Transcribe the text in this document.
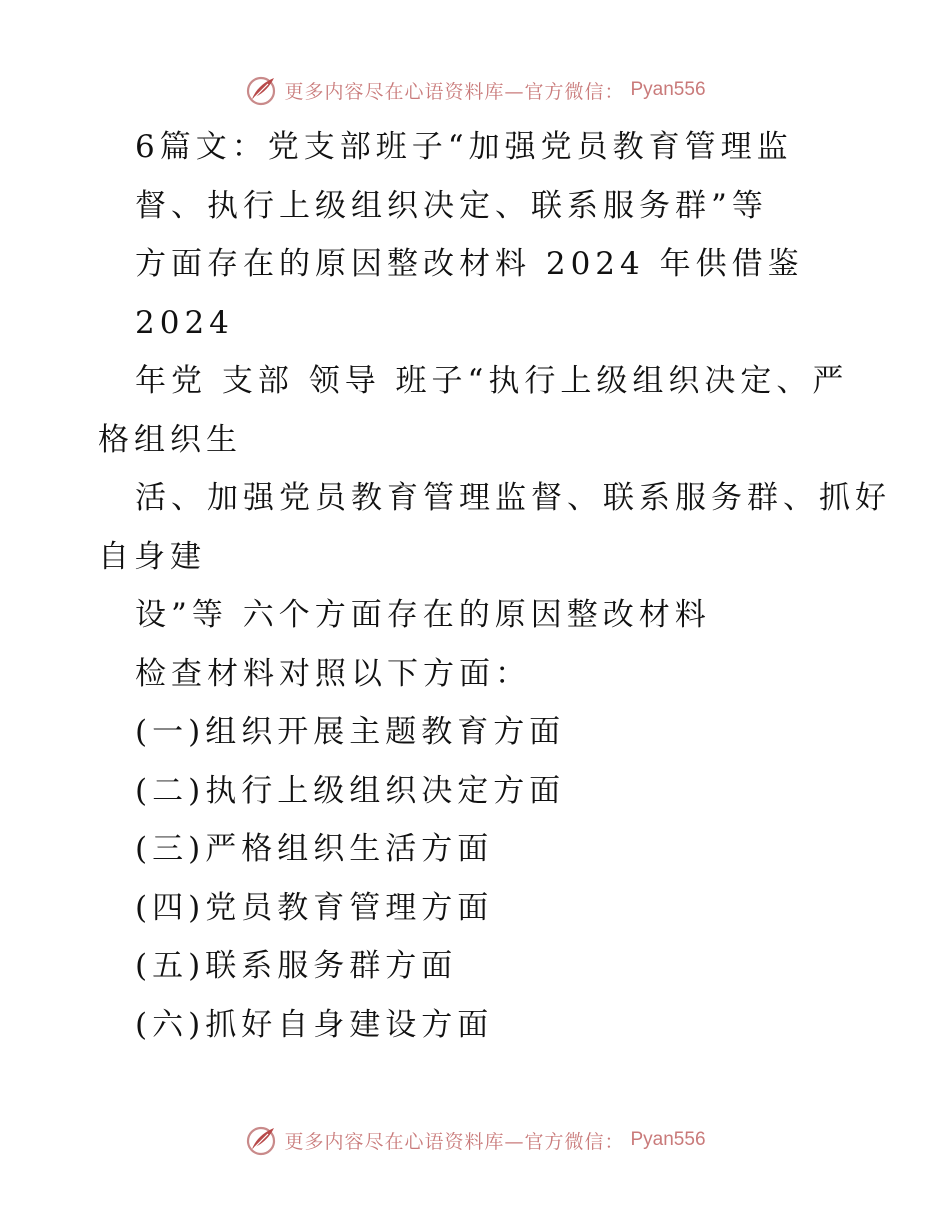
更多内容尽在心语资料库—官方微信： Pyan556
6篇文：党支部班子“加强党员教育管理监
督、执行上级组织决定、联系服务群”等
方面存在的原因整改材料 2024 年供借鉴
2024
年党 支部 领导 班子“执行上级组织决定、严
格组织生
活、加强党员教育管理监督、联系服务群、抓好
自身建
设”等 六个方面存在的原因整改材料
检查材料对照以下方面：
(一)组织开展主题教育方面
(二)执行上级组织决定方面
(三)严格组织生活方面
(四)党员教育管理方面
(五)联系服务群方面
(六)抓好自身建设方面
更多内容尽在心语资料库—官方微信： Pyan556
